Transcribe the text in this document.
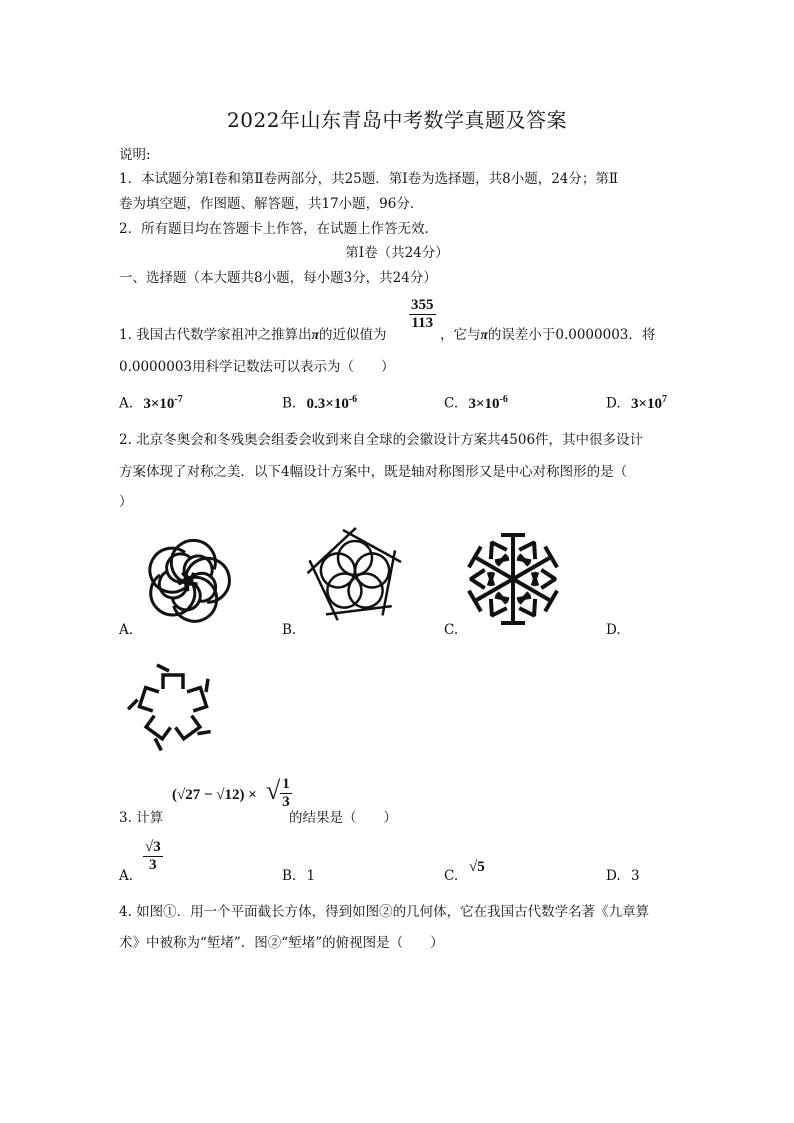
2022年山东青岛中考数学真题及答案
说明:
1．本试题分第Ⅰ卷和第Ⅱ卷两部分，共25题．第Ⅰ卷为选择题，共8小题，24分；第Ⅱ
卷为填空题，作图题、解答题，共17小题，96分．
2．所有题目均在答题卡上作答，在试题上作答无效．
第Ⅰ卷（共24分）
一、选择题（本大题共8小题，每小题3分，共24分）
1. 我国古代数学家祖冲之推算出π的近似值为
$\frac{355}{113}$
，它与π的误差小于0.0000003．将
0.0000003用科学记数法可以表示为（　　）
A. $3\times 10^{-7}$	B. $0.3\times 10^{-6}$	C. $3\times 10^{-6}$	D. $3\times 10^7$
2. 北京冬奥会和冬残奥会组委会收到来自全球的会徽设计方案共4506件，其中很多设计
方案体现了对称之美．以下4幅设计方案中，既是轴对称图形又是中心对称图形的是（
）
A.	B.	C.	D.
3. 计算
(√27 − √12) × √ $\frac{1}{3}$
的结果是（　　）
A.
$\frac{√3}{3}$
B. 1	C.
√5
D. 3
4. 如图①．用一个平面截长方体，得到如图②的几何体，它在我国古代数学名著《九章算
术》中被称为“堑堵”．图②“堑堵”的俯视图是（　　）
